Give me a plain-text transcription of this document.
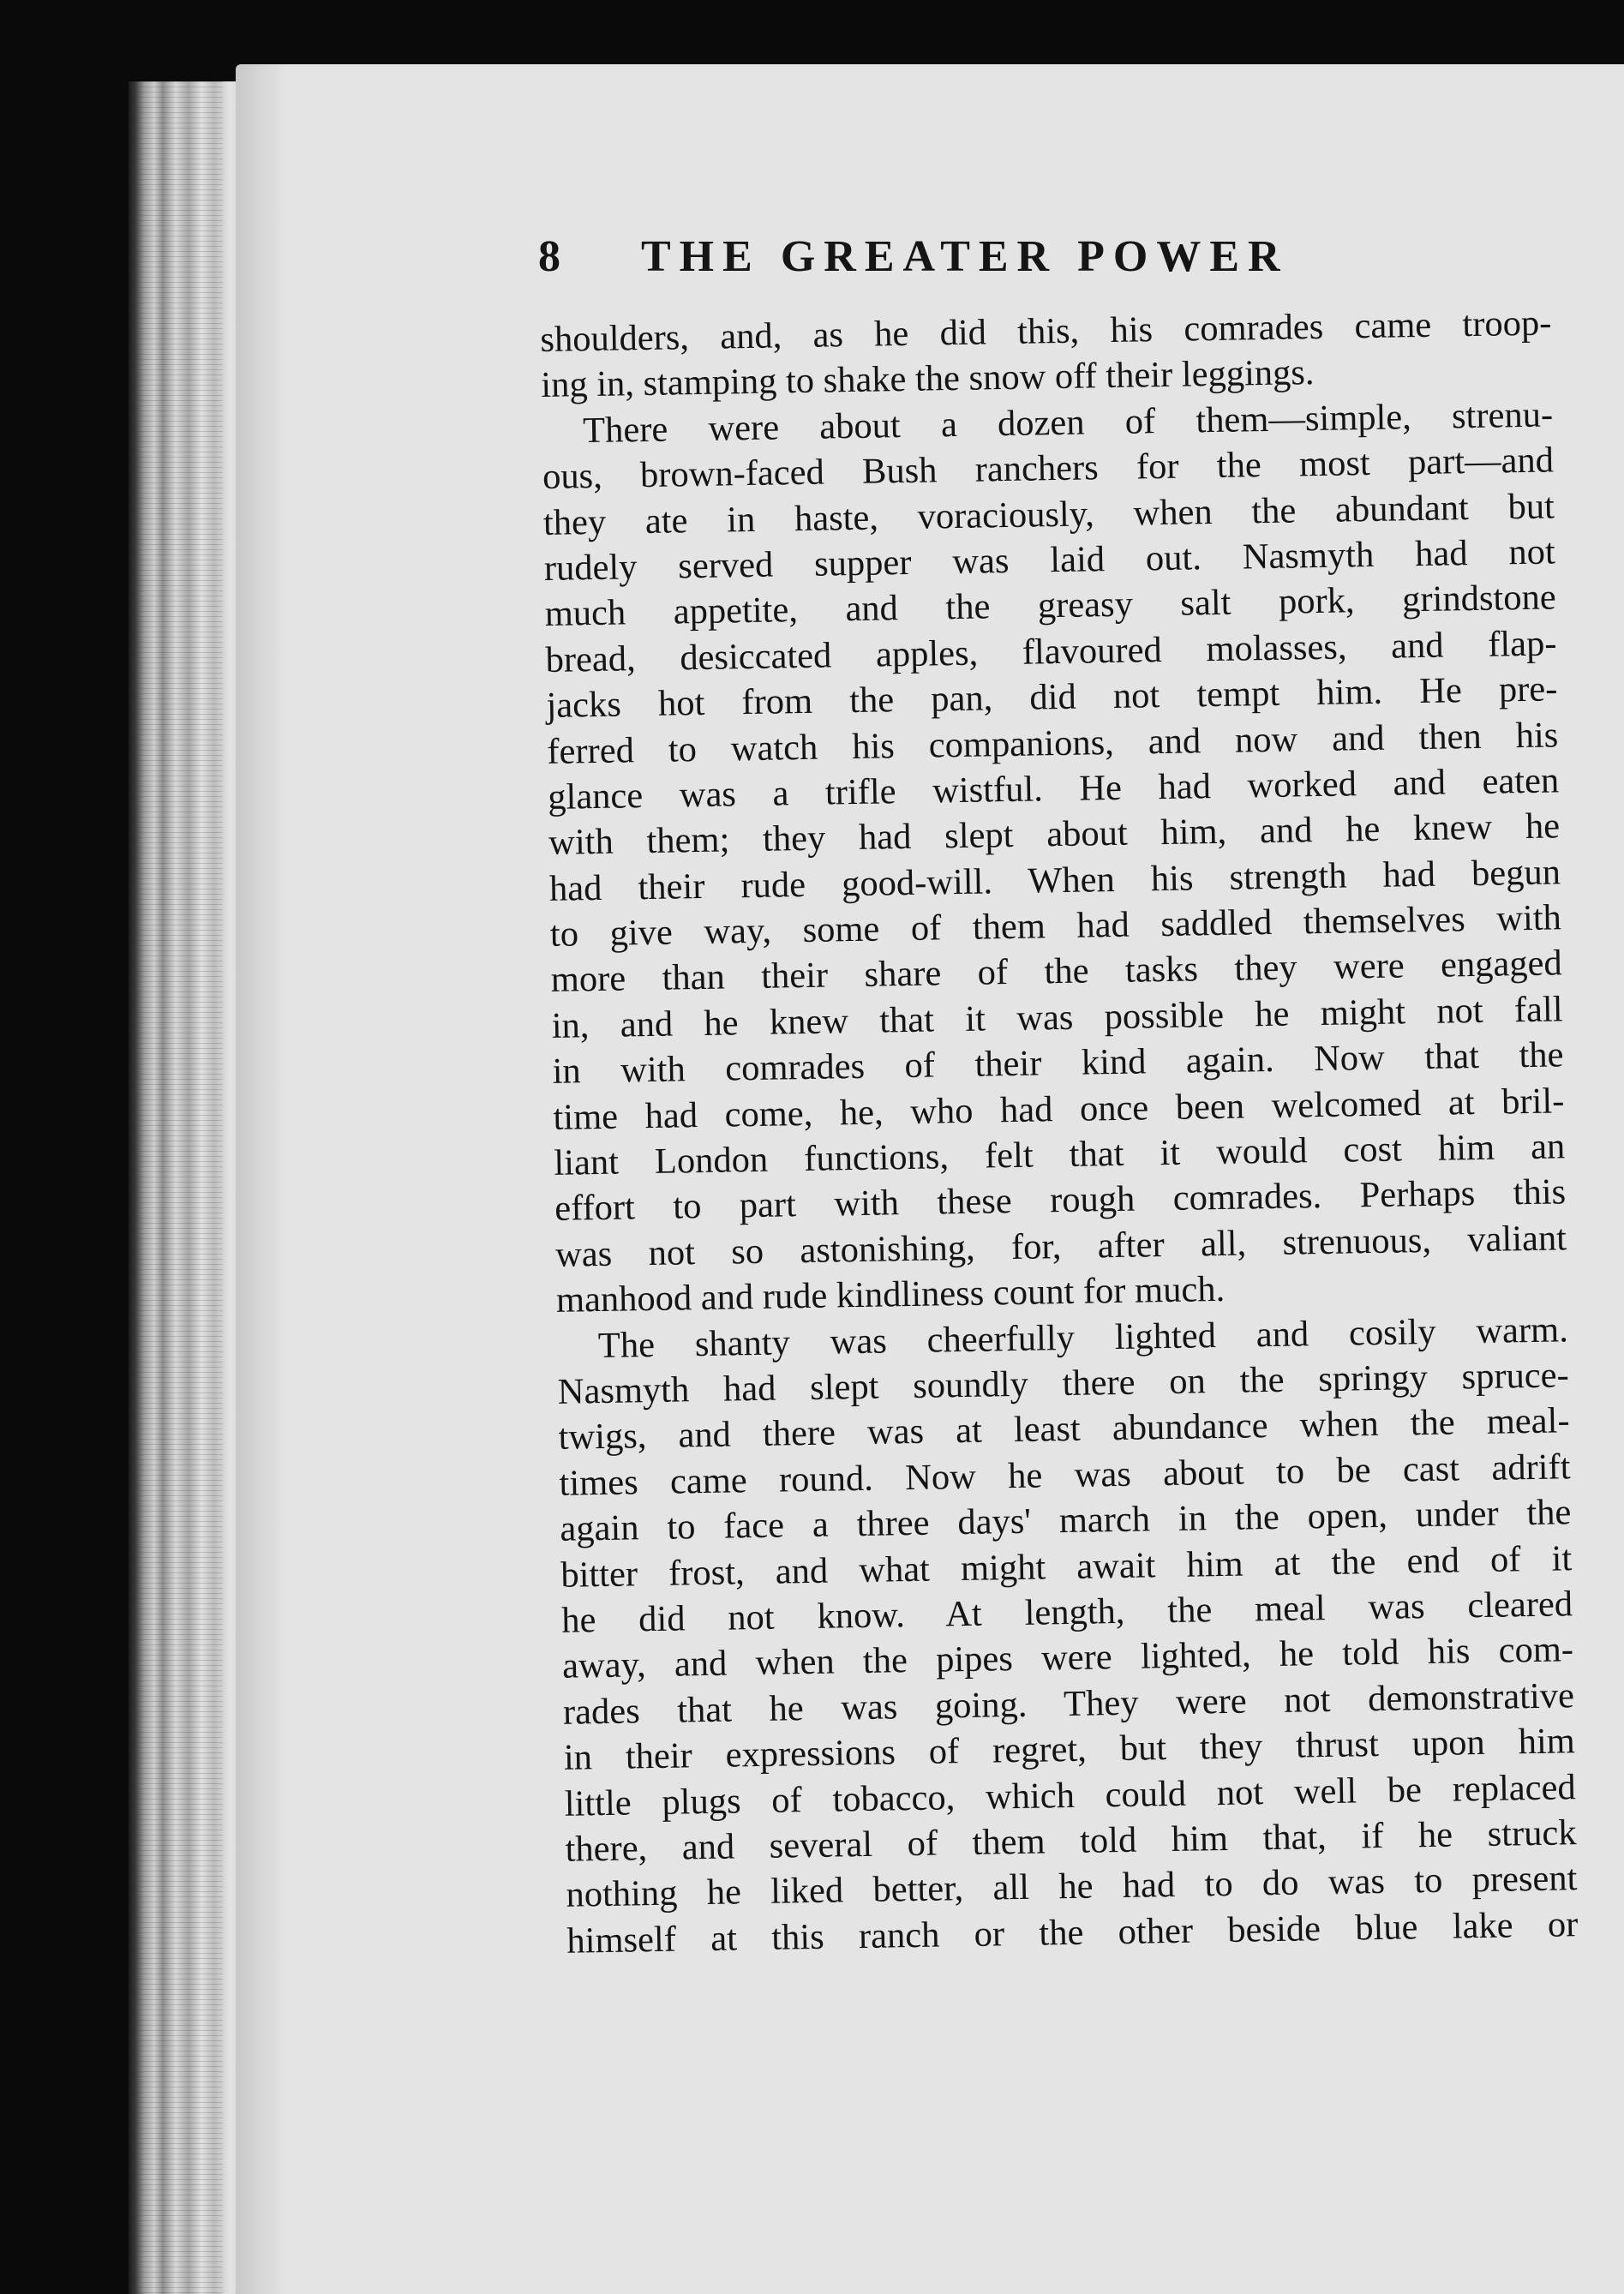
8	THE GREATER POWER
shoulders, and, as he did this, his comrades came troop-
ing in, stamping to shake the snow off their leggings.
There were about a dozen of them—simple, strenu-
ous, brown-faced Bush ranchers for the most part—and
they ate in haste, voraciously, when the abundant but
rudely served supper was laid out. Nasmyth had not
much appetite, and the greasy salt pork, grindstone
bread, desiccated apples, flavoured molasses, and flap-
jacks hot from the pan, did not tempt him. He pre-
ferred to watch his companions, and now and then his
glance was a trifle wistful. He had worked and eaten
with them; they had slept about him, and he knew he
had their rude good-will. When his strength had begun
to give way, some of them had saddled themselves with
more than their share of the tasks they were engaged
in, and he knew that it was possible he might not fall
in with comrades of their kind again. Now that the
time had come, he, who had once been welcomed at bril-
liant London functions, felt that it would cost him an
effort to part with these rough comrades. Perhaps this
was not so astonishing, for, after all, strenuous, valiant
manhood and rude kindliness count for much.
The shanty was cheerfully lighted and cosily warm.
Nasmyth had slept soundly there on the springy spruce-
twigs, and there was at least abundance when the meal-
times came round. Now he was about to be cast adrift
again to face a three days' march in the open, under the
bitter frost, and what might await him at the end of it
he did not know. At length, the meal was cleared
away, and when the pipes were lighted, he told his com-
rades that he was going. They were not demonstrative
in their expressions of regret, but they thrust upon him
little plugs of tobacco, which could not well be replaced
there, and several of them told him that, if he struck
nothing he liked better, all he had to do was to present
himself at this ranch or the other beside blue lake or
